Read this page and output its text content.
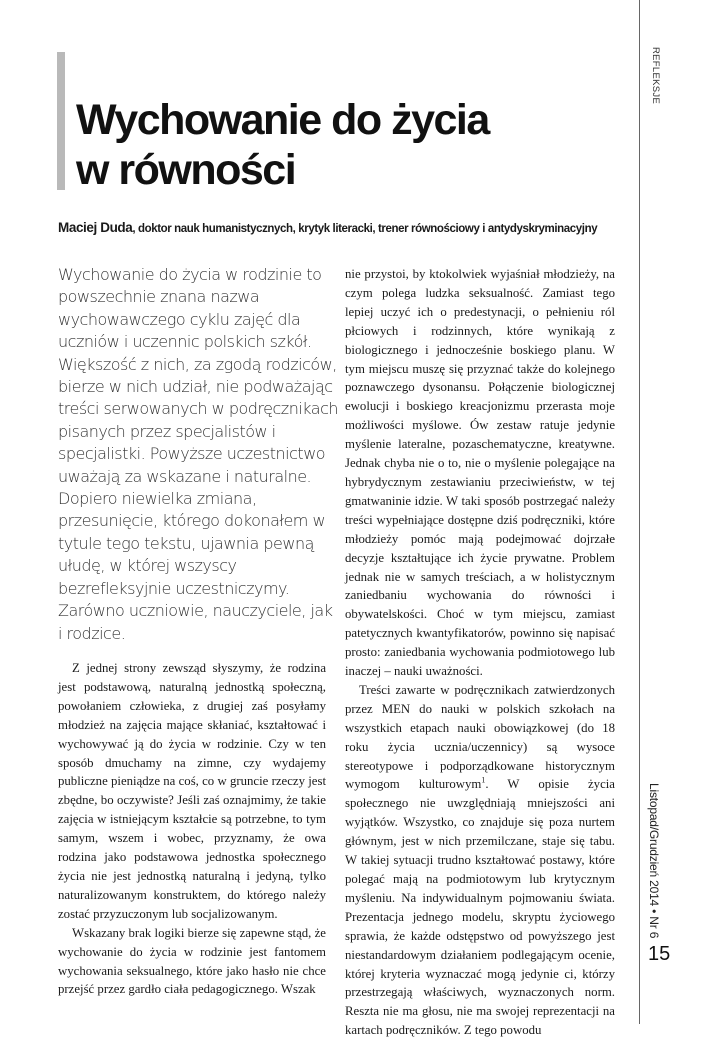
Wychowanie do życia
w równości

Maciej Duda, doktor nauk humanistycznych, krytyk literacki, trener równościowy i antydyskryminacyjny

Wychowanie do życia w rodzinie to powszechnie znana nazwa wychowawczego cyklu zajęć dla uczniów i uczennic polskich szkół. Większość z nich, za zgodą rodziców, bierze w nich udział, nie podważając treści serwowanych w podręcznikach pisanych przez specjalistów i specjalistki. Powyższe uczestnictwo uważają za wskazane i naturalne. Dopiero niewielka zmiana, przesunięcie, którego dokonałem w tytule tego tekstu, ujawnia pewną ułudę, w której wszyscy bezrefleksyjnie uczestniczymy. Zarówno uczniowie, nauczyciele, jak i rodzice.

Z jednej strony zewsząd słyszymy, że rodzina jest podstawową, naturalną jednostką społeczną, powołaniem człowieka, z drugiej zaś posyłamy młodzież na zajęcia mające skłaniać, kształtować i wychowywać ją do życia w rodzinie. Czy w ten sposób dmuchamy na zimne, czy wydajemy publiczne pieniądze na coś, co w gruncie rzeczy jest zbędne, bo oczywiste? Jeśli zaś oznajmimy, że takie zajęcia w istniejącym kształcie są potrzebne, to tym samym, wszem i wobec, przyznamy, że owa rodzina jako podstawowa jednostka społecznego życia nie jest jednostką naturalną i jedyną, tylko naturalizowanym konstruktem, do którego należy zostać przyzuczonym lub socjalizowanym.

Wskazany brak logiki bierze się zapewne stąd, że wychowanie do życia w rodzinie jest fantomem wychowania seksualnego, które jako hasło nie chce przejść przez gardło ciała pedagogicznego. Wszak

nie przystoi, by ktokolwiek wyjaśniał młodzieży, na czym polega ludzka seksualność. Zamiast tego lepiej uczyć ich o predestynacji, o pełnieniu ról płciowych i rodzinnych, które wynikają z biologicznego i jednocześnie boskiego planu. W tym miejscu muszę się przyznać także do kolejnego poznawczego dysonansu. Połączenie biologicznej ewolucji i boskiego kreacjonizmu przerasta moje możliwości myślowe. Ów zestaw ratuje jedynie myślenie lateralne, pozaschematyczne, kreatywne. Jednak chyba nie o to, nie o myślenie polegające na hybrydycznym zestawianiu przeciwieństw, w tej gmatwaninie idzie. W taki sposób postrzegać należy treści wypełniające dostępne dziś podręczniki, które młodzieży pomóc mają podejmować dojrzałe decyzje kształtujące ich życie prywatne. Problem jednak nie w samych treściach, a w holistycznym zaniedbaniu wychowania do równości i obywatelskości. Choć w tym miejscu, zamiast patetycznych kwantyfikatorów, powinno się napisać prosto: zaniedbania wychowania podmiotowego lub inaczej – nauki uważności.

Treści zawarte w podręcznikach zatwierdzonych przez MEN do nauki w polskich szkołach na wszystkich etapach nauki obowiązkowej (do 18 roku życia ucznia/uczennicy) są wysoce stereotypowe i podporządkowane historycznym wymogom kulturowym$^1$. W opisie życia społecznego nie uwzględniają mniejszości ani wyjątków. Wszystko, co znajduje się poza nurtem głównym, jest w nich przemilczane, staje się tabu. W takiej sytuacji trudno kształtować postawy, które polegać mają na podmiotowym lub krytycznym myśleniu. Na indywidualnym pojmowaniu świata. Prezentacja jednego modelu, skryptu życiowego sprawia, że każde odstępstwo od powyższego jest niestandardowym działaniem podlegającym ocenie, której kryteria wyznaczać mogą jedynie ci, którzy przestrzegają właściwych, wyznaczonych norm. Reszta nie ma głosu, nie ma swojej reprezentacji na kartach podręczników. Z tego powodu

REFLEKSJE
Listopad/Grudzień 2014 • Nr 6
15
